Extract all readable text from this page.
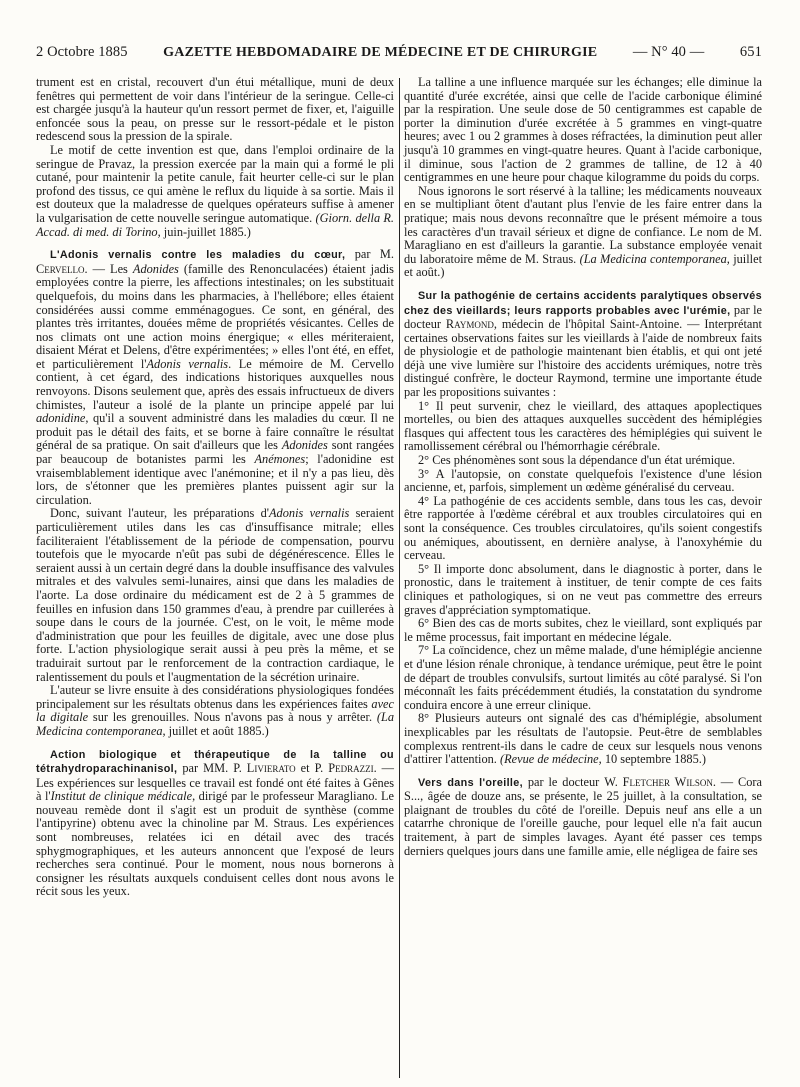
2 Octobre 1885	GAZETTE HEBDOMADAIRE DE MÉDECINE ET DE CHIRURGIE — N° 40 — 651

trument est en cristal, recouvert d'un étui métallique, muni de deux fenêtres qui permettent de voir dans l'intérieur de la seringue. Celle-ci est chargée jusqu'à la hauteur qu'un ressort permet de fixer, et, l'aiguille enfoncée sous la peau, on presse sur le ressort-pédale et le piston redescend sous la pression de la spirale.

Le motif de cette invention est que, dans l'emploi ordinaire de la seringue de Pravaz, la pression exercée par la main qui a formé le pli cutané, pour maintenir la petite canule, fait heurter celle-ci sur le plan profond des tissus, ce qui amène le reflux du liquide à sa sortie. Mais il est douteux que la maladresse de quelques opérateurs suffise à amener la vulgarisation de cette nouvelle seringue automatique. (Giorn. della R. Accad. di med. di Torino, juin-juillet 1885.)

L'Adonis vernalis contre les maladies du cœur, par M. Cervello. — Les Adonides (famille des Renonculacées) étaient jadis employées contre la pierre, les affections intestinales; on les substituait quelquefois, du moins dans les pharmacies, à l'hellébore; elles étaient considérées aussi comme emménagogues. Ce sont, en général, des plantes très irritantes, douées même de propriétés vésicantes. Celles de nos climats ont une action moins énergique; « elles mériteraient, disaient Mérat et Delens, d'être expérimentées; » elles l'ont été, en effet, et particulièrement l'Adonis vernalis. Le mémoire de M. Cervello contient, à cet égard, des indications historiques auxquelles nous renvoyons. Disons seulement que, après des essais infructueux de divers chimistes, l'auteur a isolé de la plante un principe appelé par lui adonidine, qu'il a souvent administré dans les maladies du cœur. Il ne produit pas le détail des faits, et se borne à faire connaître le résultat général de sa pratique. On sait d'ailleurs que les Adonides sont rangées par beaucoup de botanistes parmi les Anémones; l'adonidine est vraisemblablement identique avec l'anémonine; et il n'y a pas lieu, dès lors, de s'étonner que les premières plantes puissent agir sur la circulation.

Donc, suivant l'auteur, les préparations d'Adonis vernalis seraient particulièrement utiles dans les cas d'insuffisance mitrale; elles faciliteraient l'établissement de la période de compensation, pourvu toutefois que le myocarde n'eût pas subi de dégénérescence. Elles le seraient aussi à un certain degré dans la double insuffisance des valvules mitrales et des valvules semi-lunaires, ainsi que dans les maladies de l'aorte. La dose ordinaire du médicament est de 2 à 5 grammes de feuilles en infusion dans 150 grammes d'eau, à prendre par cuillerées à soupe dans le cours de la journée. C'est, on le voit, le même mode d'administration que pour les feuilles de digitale, avec une dose plus forte. L'action physiologique serait aussi à peu près la même, et se traduirait surtout par le renforcement de la contraction cardiaque, le ralentissement du pouls et l'augmentation de la sécrétion urinaire.

L'auteur se livre ensuite à des considérations physiologiques fondées principalement sur les résultats obtenus dans les expériences faites avec la digitale sur les grenouilles. Nous n'avons pas à nous y arrêter. (La Medicina contemporanea, juillet et août 1885.)

Action biologique et thérapeutique de la talline ou tétrahydroparachinanisol, par MM. P. Livierato et P. Pedrazzi. — Les expériences sur lesquelles ce travail est fondé ont été faites à Gênes à l'Institut de clinique médicale, dirigé par le professeur Maragliano. Le nouveau remède dont il s'agit est un produit de synthèse (comme l'antipyrine) obtenu avec la chinoline par M. Straus. Les expériences sont nombreuses, relatées ici en détail avec des tracés sphygmographiques, et les auteurs annoncent que l'exposé de leurs recherches sera continué. Pour le moment, nous nous bornerons à consigner les résultats auxquels conduisent celles dont nous avons le récit sous les yeux.

La talline a une influence marquée sur les échanges; elle diminue la quantité d'urée excrétée, ainsi que celle de l'acide carbonique éliminé par la respiration. Une seule dose de 50 centigrammes est capable de porter la diminution d'urée excrétée à 5 grammes en vingt-quatre heures; avec 1 ou 2 grammes à doses réfractées, la diminution peut aller jusqu'à 10 grammes en vingt-quatre heures. Quant à l'acide carbonique, il diminue, sous l'action de 2 grammes de talline, de 12 à 40 centigrammes en une heure pour chaque kilogramme du poids du corps.

Nous ignorons le sort réservé à la talline; les médicaments nouveaux en se multipliant ôtent d'autant plus l'envie de les faire entrer dans la pratique; mais nous devons reconnaître que le présent mémoire a tous les caractères d'un travail sérieux et digne de confiance. Le nom de M. Maragliano en est d'ailleurs la garantie. La substance employée venait du laboratoire même de M. Straus. (La Medicina contemporanea, juillet et août.)

Sur la pathogénie de certains accidents paralytiques observés chez des vieillards; leurs rapports probables avec l'urémie, par le docteur Raymond, médecin de l'hôpital Saint-Antoine. — Interprétant certaines observations faites sur les vieillards à l'aide de nombreux faits de physiologie et de pathologie maintenant bien établis, et qui ont jeté déjà une vive lumière sur l'histoire des accidents urémiques, notre très distingué confrère, le docteur Raymond, termine une importante étude par les propositions suivantes :

1° Il peut survenir, chez le vieillard, des attaques apoplectiques mortelles, ou bien des attaques auxquelles succèdent des hémiplégies flasques qui affectent tous les caractères des hémiplégies qui suivent le ramollissement cérébral ou l'hémorrhagie cérébrale.

2° Ces phénomènes sont sous la dépendance d'un état urémique.

3° A l'autopsie, on constate quelquefois l'existence d'une lésion ancienne, et, parfois, simplement un œdème généralisé du cerveau.

4° La pathogénie de ces accidents semble, dans tous les cas, devoir être rapportée à l'œdème cérébral et aux troubles circulatoires qui en sont la conséquence. Ces troubles circulatoires, qu'ils soient congestifs ou anémiques, aboutissent, en dernière analyse, à l'anoxyhémie du cerveau.

5° Il importe donc absolument, dans le diagnostic à porter, dans le pronostic, dans le traitement à instituer, de tenir compte de ces faits cliniques et pathologiques, si on ne veut pas commettre des erreurs graves d'appréciation symptomatique.

6° Bien des cas de morts subites, chez le vieillard, sont expliqués par le même processus, fait important en médecine légale.

7° La coïncidence, chez un même malade, d'une hémiplégie ancienne et d'une lésion rénale chronique, à tendance urémique, peut être le point de départ de troubles convulsifs, surtout limités au côté paralysé. Si l'on méconnaît les faits précédemment étudiés, la constatation du syndrome conduira encore à une erreur clinique.

8° Plusieurs auteurs ont signalé des cas d'hémiplégie, absolument inexplicables par les résultats de l'autopsie. Peut-être de semblables complexus rentrent-ils dans le cadre de ceux sur lesquels nous venons d'attirer l'attention. (Revue de médecine, 10 septembre 1885.)

Vers dans l'oreille, par le docteur W. Fletcher Wilson. — Cora S..., âgée de douze ans, se présente, le 25 juillet, à la consultation, se plaignant de troubles du côté de l'oreille. Depuis neuf ans elle a un catarrhe chronique de l'oreille gauche, pour lequel elle n'a fait aucun traitement, à part de simples lavages. Ayant été passer ces temps derniers quelques jours dans une famille amie, elle négligea de faire ses
